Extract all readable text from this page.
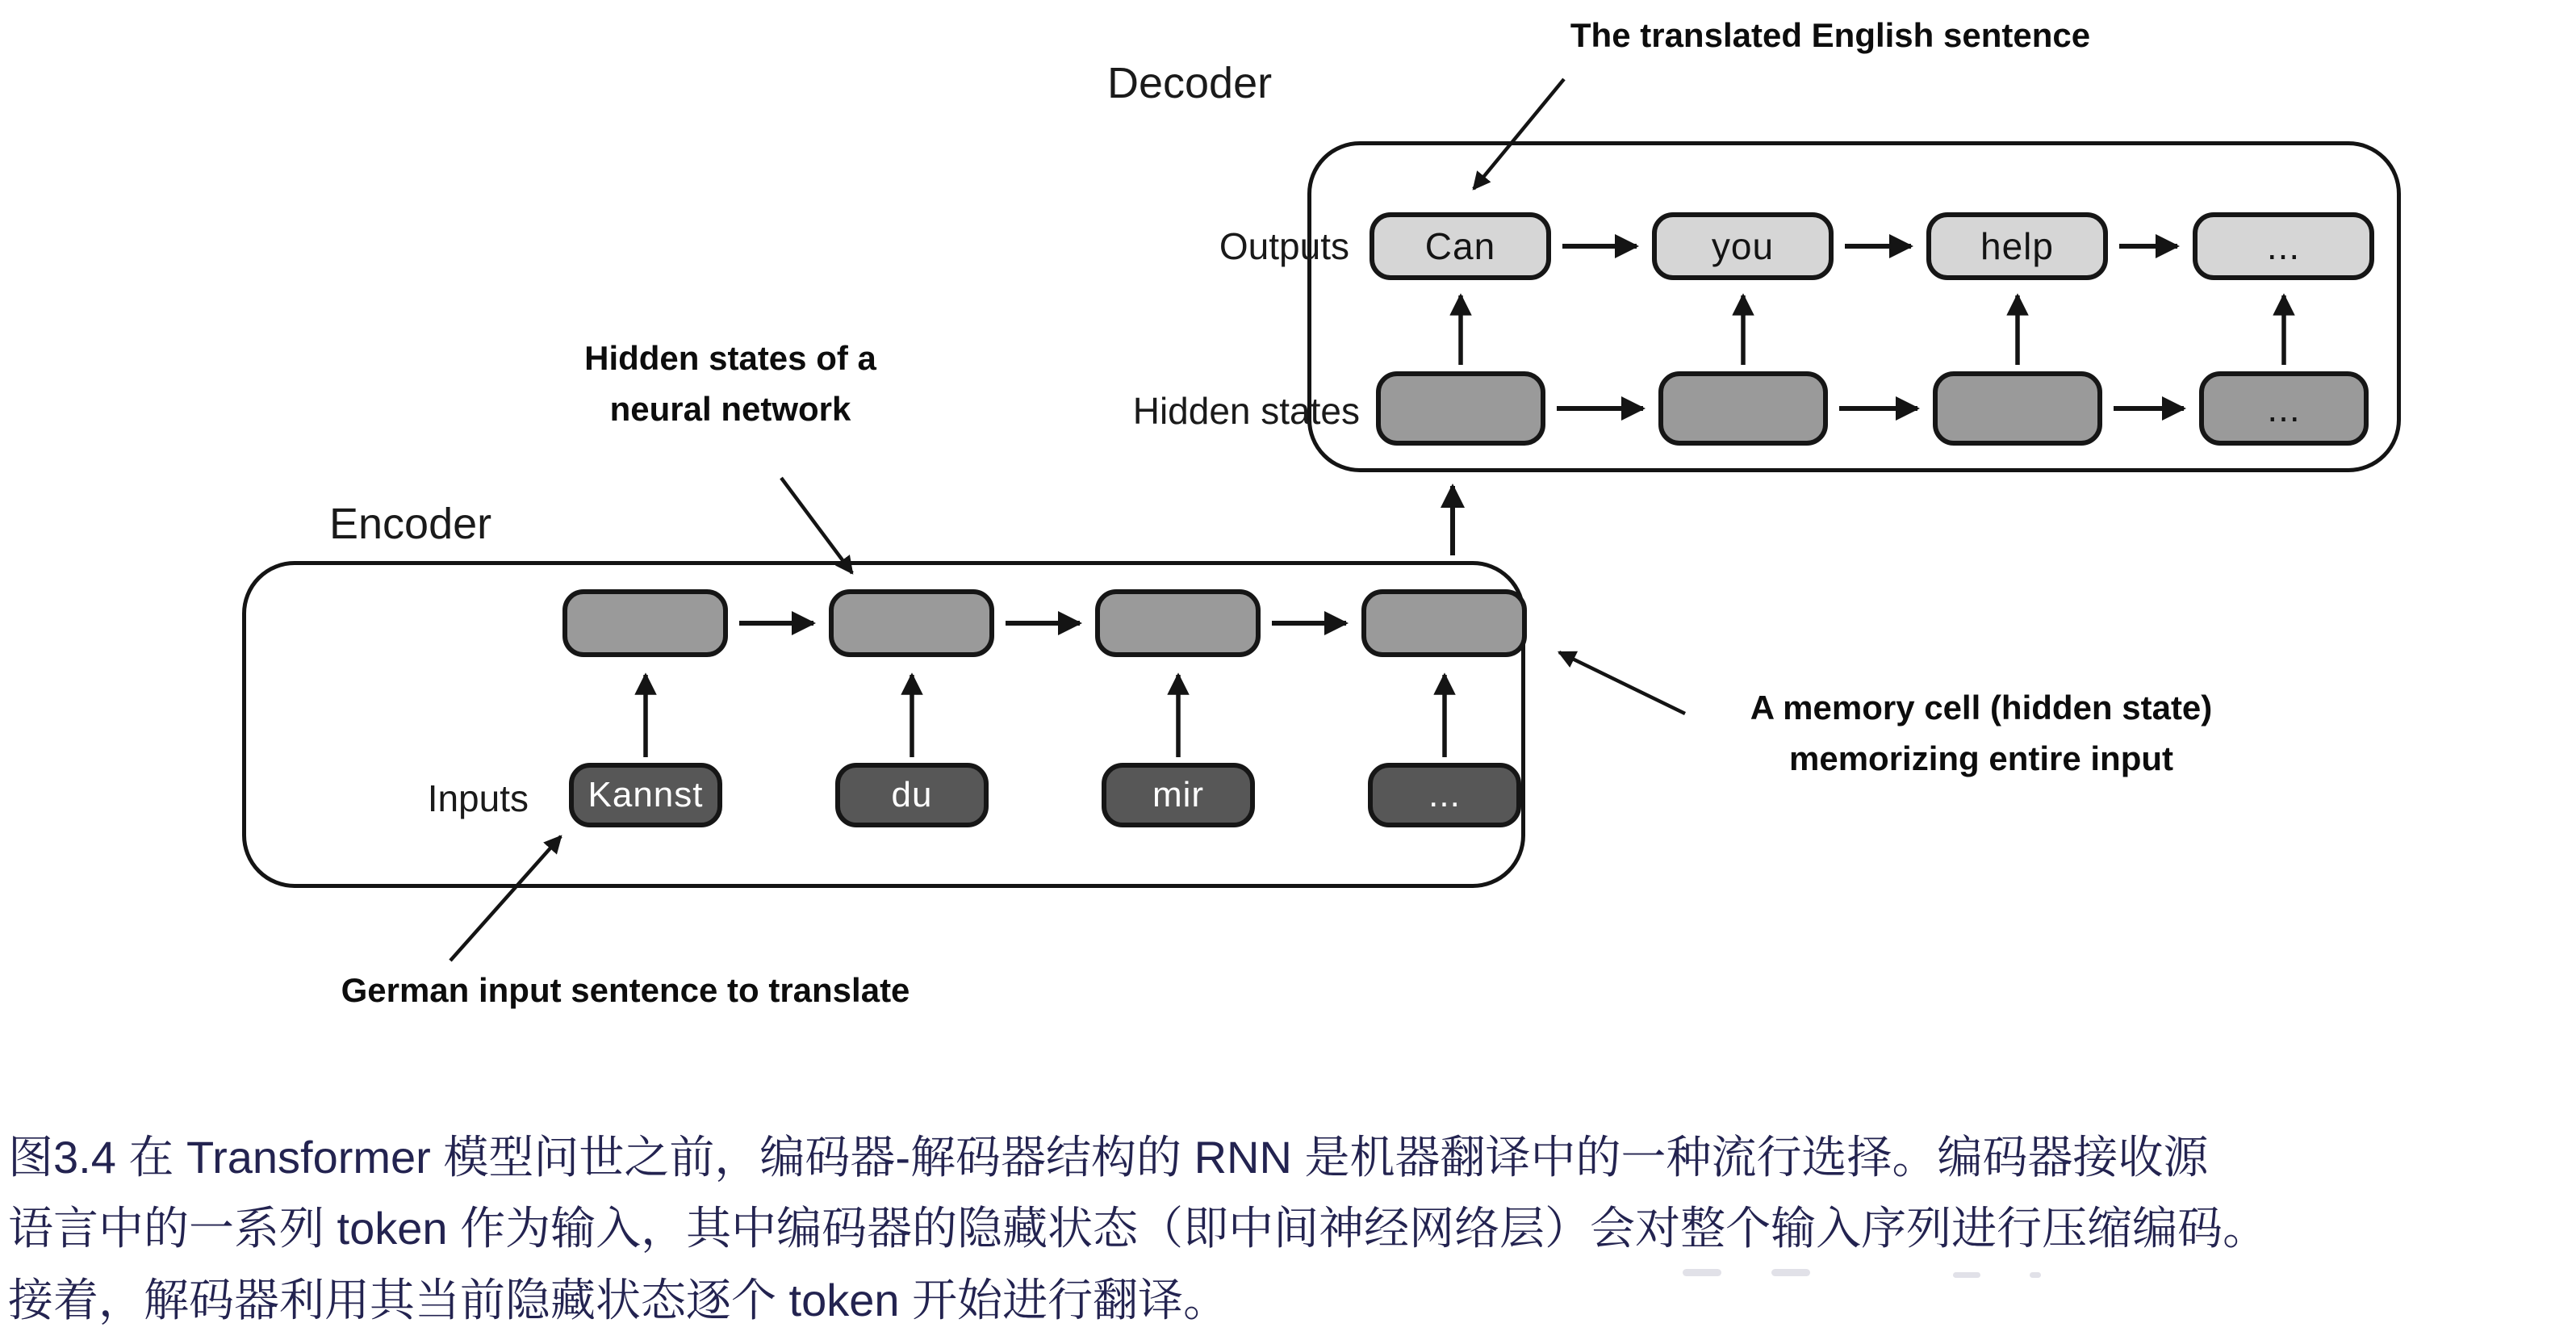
Decoder
The translated English sentence
Outputs	Can	you	help	...
Hidden states	...
Encoder
Hidden states of a
neural network
Inputs	Kannst	du	mir	...
A memory cell (hidden state)
memorizing entire input
German input sentence to translate
图3.4 在 Transformer 模型问世之前，编码器-解码器结构的 RNN 是机器翻译中的一种流行选择。编码器接收源
语言中的一系列 token 作为输入，其中编码器的隐藏状态（即中间神经网络层）会对整个输入序列进行压缩编码。
接着，解码器利用其当前隐藏状态逐个 token 开始进行翻译。
